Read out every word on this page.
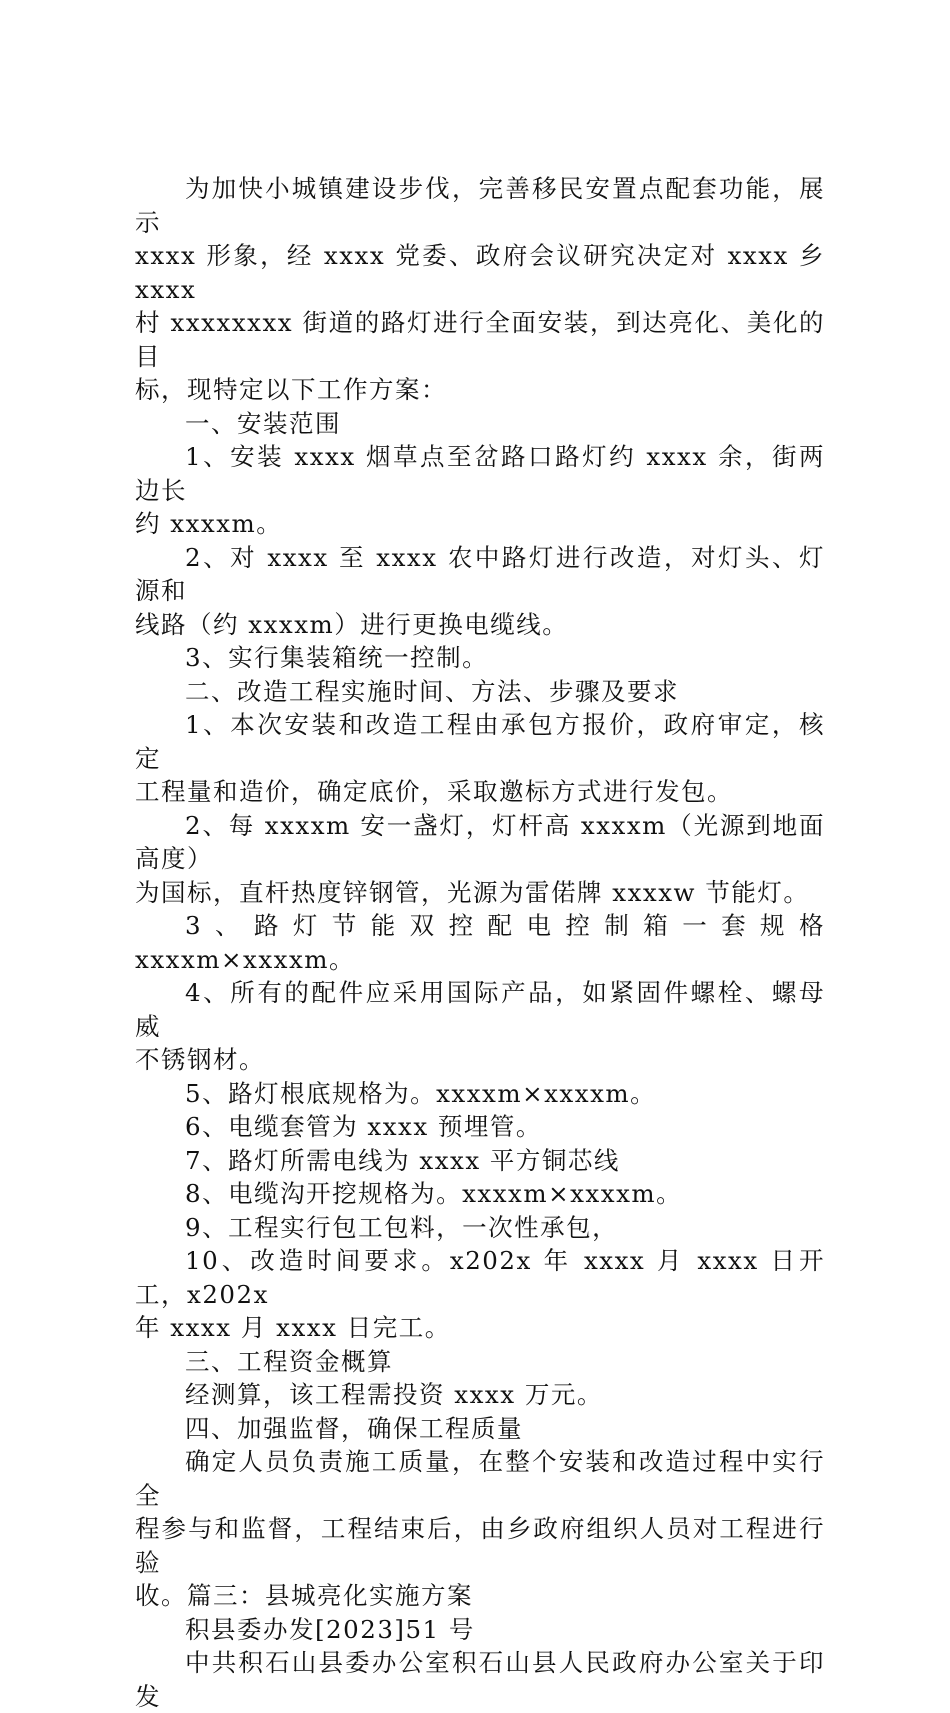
为加快小城镇建设步伐，完善移民安置点配套功能，展示
xxxx 形象，经 xxxx 党委、政府会议研究决定对 xxxx 乡 xxxx
村 xxxxxxxx 街道的路灯进行全面安装，到达亮化、美化的目
标，现特定以下工作方案：

一、安装范围

1、安装 xxxx 烟草点至岔路口路灯约 xxxx 余，街两边长
约 xxxxm。

2、对 xxxx 至 xxxx 农中路灯进行改造，对灯头、灯源和
线路（约 xxxxm）进行更换电缆线。

3、实行集装箱统一控制。

二、改造工程实施时间、方法、步骤及要求

1、本次安装和改造工程由承包方报价，政府审定，核定
工程量和造价，确定底价，采取邀标方式进行发包。

2、每 xxxxm 安一盏灯，灯杆高 xxxxm（光源到地面高度）
为国标，直杆热度锌钢管，光源为雷偌牌 xxxxw 节能灯。

3、路灯节能双控配电控制箱一套规格 xxxxm×xxxxm。

4、所有的配件应采用国际产品，如紧固件螺栓、螺母威
不锈钢材。

5、路灯根底规格为。xxxxm×xxxxm。

6、电缆套管为 xxxx 预埋管。

7、路灯所需电线为 xxxx 平方铜芯线

8、电缆沟开挖规格为。xxxxm×xxxxm。

9、工程实行包工包料，一次性承包，

10、改造时间要求。x202x 年 xxxx 月 xxxx 日开工，x202x
年 xxxx 月 xxxx 日完工。

三、工程资金概算

经测算，该工程需投资 xxxx 万元。

四、加强监督，确保工程质量

确定人员负责施工质量，在整个安装和改造过程中实行全
程参与和监督，工程结束后，由乡政府组织人员对工程进行验
收。篇三：县城亮化实施方案

积县委办发[2023]51 号

中共积石山县委办公室积石山县人民政府办公室关于印发
